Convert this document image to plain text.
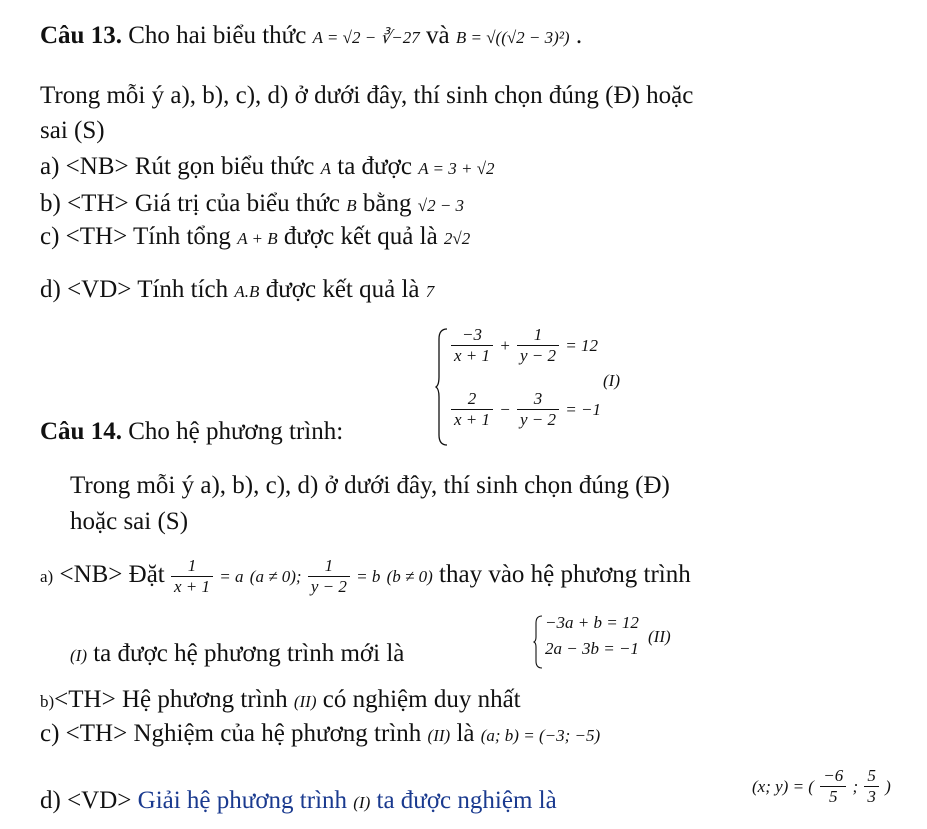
Câu 13. Cho hai biểu thức A = √2 − ∛−27 và B = √((√2 − 3)²) .
Trong mỗi ý a), b), c), d) ở dưới đây, thí sinh chọn đúng (Đ) hoặc
sai (S)
a) <NB> Rút gọn biểu thức A ta được A = 3 + √2
b) <TH> Giá trị của biểu thức B bằng √2 − 3
c) <TH> Tính tổng A + B được kết quả là 2√2
d) <VD> Tính tích A.B được kết quả là 7
Câu 14. Cho hệ phương trình:
$\frac{-3}{x + 1} + \frac{1}{y - 2} = 12$
(I)
$\frac{2}{x + 1} - \frac{3}{y - 2} = -1$
Trong mỗi ý a), b), c), d) ở dưới đây, thí sinh chọn đúng (Đ)
hoặc sai (S)
a) <NB> Đặt $\frac{1}{x + 1} = a$ (a ≠ 0); $\frac{1}{y - 2} = b$ (b ≠ 0) thay vào hệ phương trình
(I) ta được hệ phương trình mới là
−3a + b = 12
2a − 3b = −1
(II)
b)<TH> Hệ phương trình (II) có nghiệm duy nhất
c) <TH> Nghiệm của hệ phương trình (II) là (a; b) = (−3; −5)
d) <VD> Giải hệ phương trình (I) ta được nghiệm là
(x; y) = ( $\frac{-6}{5}$ ; $\frac{5}{3}$ )
